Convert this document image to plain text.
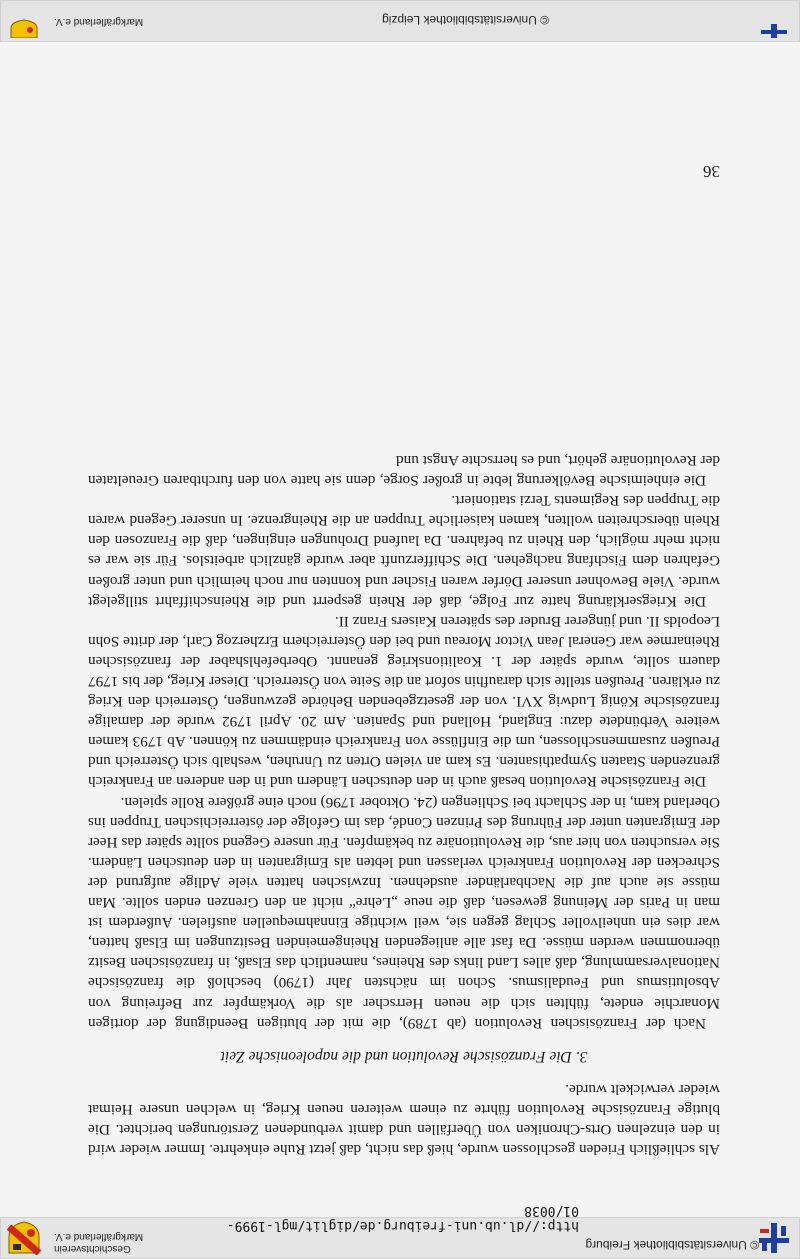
© Universitätsbibliothek Freiburg
http://dl.ub.uni-freiburg.de/diglit/mgl-1999-01/0038
Geschichtsverein
Markgräflerland e.V.

Als schließlich Frieden geschlossen wurde, hieß das nicht, daß jetzt Ruhe einkehrte. Immer wieder wird in den einzelnen Orts-Chroniken von Überfällen und damit verbundenen Zerstörungen berichtet. Die blutige Französische Revolution führte zu einem weiteren neuen Krieg, in welchen unsere Heimat wieder verwickelt wurde.

3. Die Französische Revolution und die napoleonische Zeit

Nach der Französischen Revolution (ab 1789), die mit der blutigen Beendigung der dortigen Monarchie endete, fühlten sich die neuen Herrscher als die Vorkämpfer zur Befreiung von Absolutismus und Feudalismus. Schon im nächsten Jahr (1790) beschloß die französische Nationalversammlung, daß alles Land links des Rheines, namentlich das Elsaß, in französischen Besitz übernommen werden müsse. Da fast alle anliegenden Rheingemeinden Besitzungen im Elsaß hatten, war dies ein unheilvoller Schlag gegen sie, weil wichtige Einnahmequellen ausfielen. Außerdem ist man in Paris der Meinung gewesen, daß die neue „Lehre“ nicht an den Grenzen enden sollte. Man müsse sie auch auf die Nachbarländer ausdehnen. Inzwischen hatten viele Adlige aufgrund der Schrecken der Revolution Frankreich verlassen und lebten als Emigranten in den deutschen Ländern. Sie versuchten von hier aus, die Revolutionäre zu bekämpfen. Für unsere Gegend sollte später das Heer der Emigranten unter der Führung des Prinzen Condé, das im Gefolge der österreichischen Truppen ins Oberland kam, in der Schlacht bei Schliengen (24. Oktober 1796) noch eine größere Rolle spielen.

Die Französische Revolution besaß auch in den deutschen Ländern und in den anderen an Frankreich grenzenden Staaten Sympathisanten. Es kam an vielen Orten zu Unruhen, weshalb sich Österreich und Preußen zusammenschlossen, um die Einflüsse von Frankreich eindämmen zu können. Ab 1793 kamen weitere Verbündete dazu: England, Holland und Spanien. Am 20. April 1792 wurde der damalige französische König Ludwig XVI. von der gesetzgebenden Behörde gezwungen, Österreich den Krieg zu erklären. Preußen stellte sich daraufhin sofort an die Seite von Österreich. Dieser Krieg, der bis 1797 dauern sollte, wurde später der 1. Koalitionskrieg genannt. Oberbefehlshaber der französischen Rheinarmee war General Jean Victor Moreau und bei den Österreichern Erzherzog Carl, der dritte Sohn Leopolds II. und jüngerer Bruder des späteren Kaisers Franz II.

Die Kriegserklärung hatte zur Folge, daß der Rhein gesperrt und die Rheinschiffahrt stillgelegt wurde. Viele Bewohner unserer Dörfer waren Fischer und konnten nur noch heimlich und unter großen Gefahren dem Fischfang nachgehen. Die Schifferzunft aber wurde gänzlich arbeitslos. Für sie war es nicht mehr möglich, den Rhein zu befahren. Da laufend Drohungen eingingen, daß die Franzosen den Rhein überschreiten wollten, kamen kaiserliche Truppen an die Rheingrenze. In unserer Gegend waren die Truppen des Regiments Terzi stationiert.

Die einheimische Bevölkerung lebte in großer Sorge, denn sie hatte von den furchtbaren Greueltaten der Revolutionäre gehört, und es herrschte Angst und

36
© Universitätsbibliothek Leipzig
Markgräflerland e.V.
